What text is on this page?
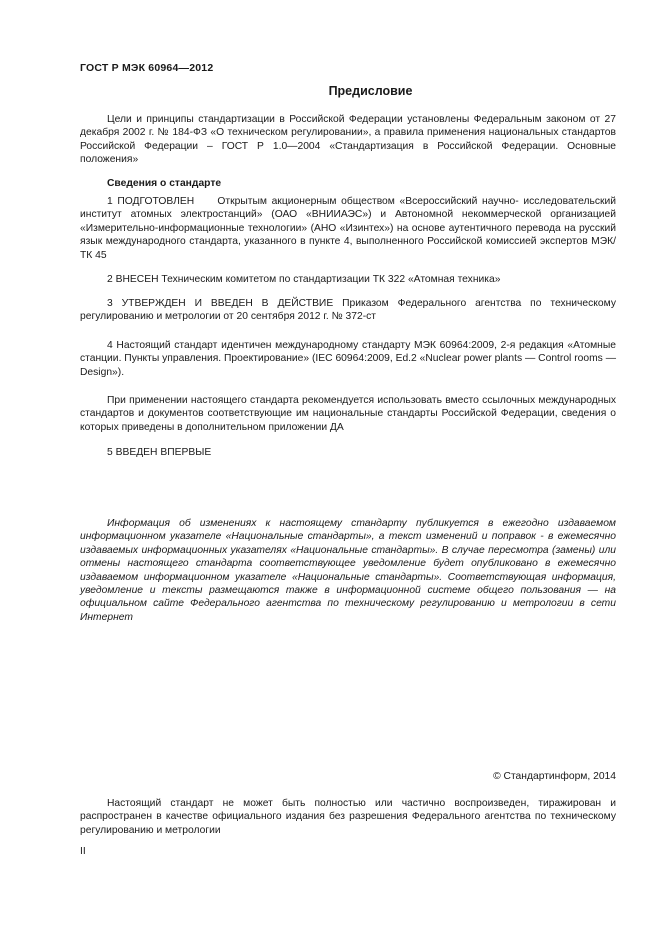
ГОСТ Р МЭК 60964—2012
Предисловие

Цели и принципы стандартизации в Российской Федерации установлены Федеральным законом от 27 декабря 2002 г. № 184-ФЗ «О техническом регулировании», а правила применения национальных стандартов Российской Федерации – ГОСТ Р 1.0—2004 «Стандартизация в Российской Федерации. Основные положения»

Сведения о стандарте

1 ПОДГОТОВЛЕН Открытым акционерным обществом «Всероссийский научно- исследовательский институт атомных электростанций» (ОАО «ВНИИАЭС») и Автономной некоммерческой организацией «Измерительно-информационные технологии» (АНО «Изинтех») на основе аутентичного перевода на русский язык международного стандарта, указанного в пункте 4, выполненного Российской комиссией экспертов МЭК/ТК 45

2 ВНЕСЕН Техническим комитетом по стандартизации ТК 322 «Атомная техника»

3 УТВЕРЖДЕН И ВВЕДЕН В ДЕЙСТВИЕ Приказом Федерального агентства по техническому регулированию и метрологии от 20 сентября 2012 г. № 372-ст

4 Настоящий стандарт идентичен международному стандарту МЭК 60964:2009, 2-я редакция «Атомные станции. Пункты управления. Проектирование» (IEC 60964:2009, Ed.2 «Nuclear power plants — Control rooms — Design»).

При применении настоящего стандарта рекомендуется использовать вместо ссылочных международных стандартов и документов соответствующие им национальные стандарты Российской Федерации, сведения о которых приведены в дополнительном приложении ДА

5 ВВЕДЕН ВПЕРВЫЕ

Информация об изменениях к настоящему стандарту публикуется в ежегодно издаваемом информационном указателе «Национальные стандарты», а текст изменений и поправок - в ежемесячно издаваемых информационных указателях «Национальные стандарты». В случае пересмотра (замены) или отмены настоящего стандарта соответствующее уведомление будет опубликовано в ежемесячно издаваемом информационном указателе «Национальные стандарты». Соответствующая информация, уведомление и тексты размещаются также в информационной системе общего пользования — на официальном сайте Федерального агентства по техническому регулированию и метрологии в сети Интернет

© Стандартинформ, 2014

Настоящий стандарт не может быть полностью или частично воспроизведен, тиражирован и распространен в качестве официального издания без разрешения Федерального агентства по техническому регулированию и метрологии

II
